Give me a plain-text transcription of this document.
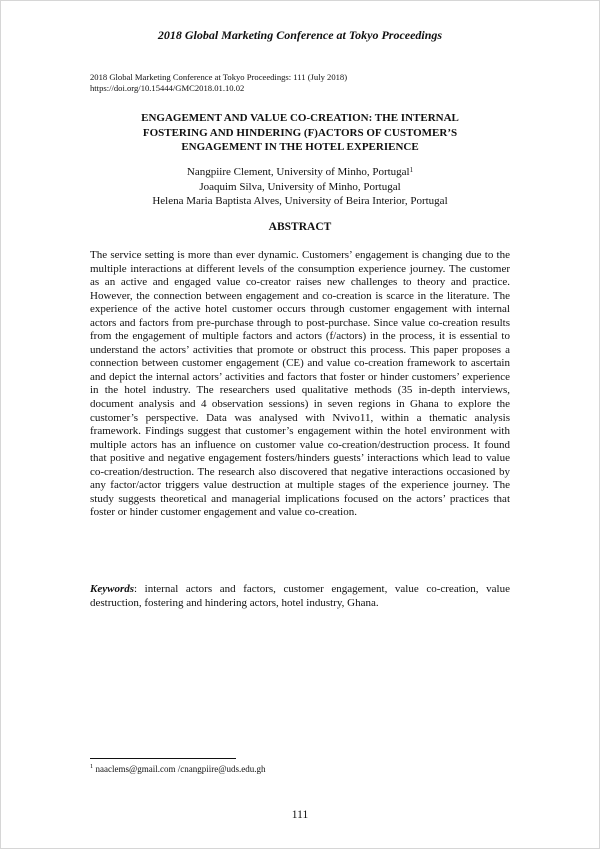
2018 Global Marketing Conference at Tokyo Proceedings
2018 Global Marketing Conference at Tokyo Proceedings: 111 (July 2018)
https://doi.org/10.15444/GMC2018.01.10.02
ENGAGEMENT AND VALUE CO-CREATION: THE INTERNAL
FOSTERING AND HINDERING (F)ACTORS OF CUSTOMER’S
ENGAGEMENT IN THE HOTEL EXPERIENCE
Nangpiire Clement, University of Minho, Portugal$^1$
Joaquim Silva, University of Minho, Portugal
Helena Maria Baptista Alves, University of Beira Interior, Portugal
ABSTRACT
The service setting is more than ever dynamic. Customers’ engagement is changing due to the multiple interactions at different levels of the consumption experience journey. The customer as an active and engaged value co-creator raises new challenges to theory and practice. However, the connection between engagement and co-creation is scarce in the literature. The experience of the active hotel customer occurs through customer engagement with internal actors and factors from pre-purchase through to post-purchase. Since value co-creation results from the engagement of multiple factors and actors (f/actors) in the process, it is essential to understand the actors’ activities that promote or obstruct this process. This paper proposes a connection between customer engagement (CE) and value co-creation framework to ascertain and depict the internal actors’ activities and factors that foster or hinder customers’ experience in the hotel industry. The researchers used qualitative methods (35 in-depth interviews, document analysis and 4 observation sessions) in seven regions in Ghana to explore the customer’s perspective. Data was analysed with Nvivo11, within a thematic analysis framework. Findings suggest that customer’s engagement within the hotel environment with multiple actors has an influence on customer value co-creation/destruction process. It found that positive and negative engagement fosters/hinders guests’ interactions which lead to value co-creation/destruction. The research also discovered that negative interactions occasioned by any factor/actor triggers value destruction at multiple stages of the experience journey. The study suggests theoretical and managerial implications focused on the actors’ practices that foster or hinder customer engagement and value co-creation.
Keywords: internal actors and factors, customer engagement, value co-creation, value destruction, fostering and hindering actors, hotel industry, Ghana.
$^1$ naaclems@gmail.com /cnangpiire@uds.edu.gh
111
